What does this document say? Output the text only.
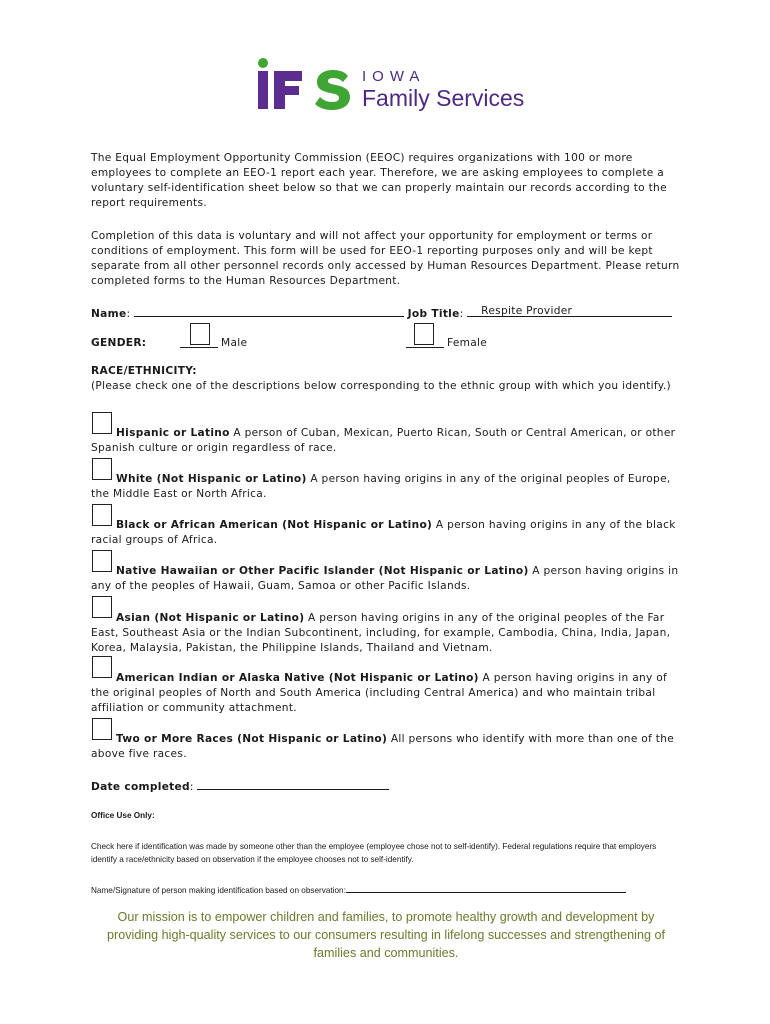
IOWA
Family Services
The Equal Employment Opportunity Commission (EEOC) requires organizations with 100 or more employees to complete an EEO-1 report each year. Therefore, we are asking employees to complete a voluntary self-identification sheet below so that we can properly maintain our records according to the report requirements.
Completion of this data is voluntary and will not affect your opportunity for employment or terms or conditions of employment. This form will be used for EEO-1 reporting purposes only and will be kept separate from all other personnel records only accessed by Human Resources Department. Please return completed forms to the Human Resources Department.
Name:	Job Title: Respite Provider
GENDER:	Male	Female
RACE/ETHNICITY:
(Please check one of the descriptions below corresponding to the ethnic group with which you identify.)
Hispanic or Latino A person of Cuban, Mexican, Puerto Rican, South or Central American, or other Spanish culture or origin regardless of race.
White (Not Hispanic or Latino) A person having origins in any of the original peoples of Europe, the Middle East or North Africa.
Black or African American (Not Hispanic or Latino) A person having origins in any of the black racial groups of Africa.
Native Hawaiian or Other Pacific Islander (Not Hispanic or Latino) A person having origins in any of the peoples of Hawaii, Guam, Samoa or other Pacific Islands.
Asian (Not Hispanic or Latino) A person having origins in any of the original peoples of the Far East, Southeast Asia or the Indian Subcontinent, including, for example, Cambodia, China, India, Japan, Korea, Malaysia, Pakistan, the Philippine Islands, Thailand and Vietnam.
American Indian or Alaska Native (Not Hispanic or Latino) A person having origins in any of the original peoples of North and South America (including Central America) and who maintain tribal affiliation or community attachment.
Two or More Races (Not Hispanic or Latino) All persons who identify with more than one of the above five races.
Date completed:
Office Use Only:
Check here if identification was made by someone other than the employee (employee chose not to self-identify). Federal regulations require that employers identify a race/ethnicity based on observation if the employee chooses not to self-identify.
Name/Signature of person making identification based on observation:
Our mission is to empower children and families, to promote healthy growth and development by providing high-quality services to our consumers resulting in lifelong successes and strengthening of families and communities.
